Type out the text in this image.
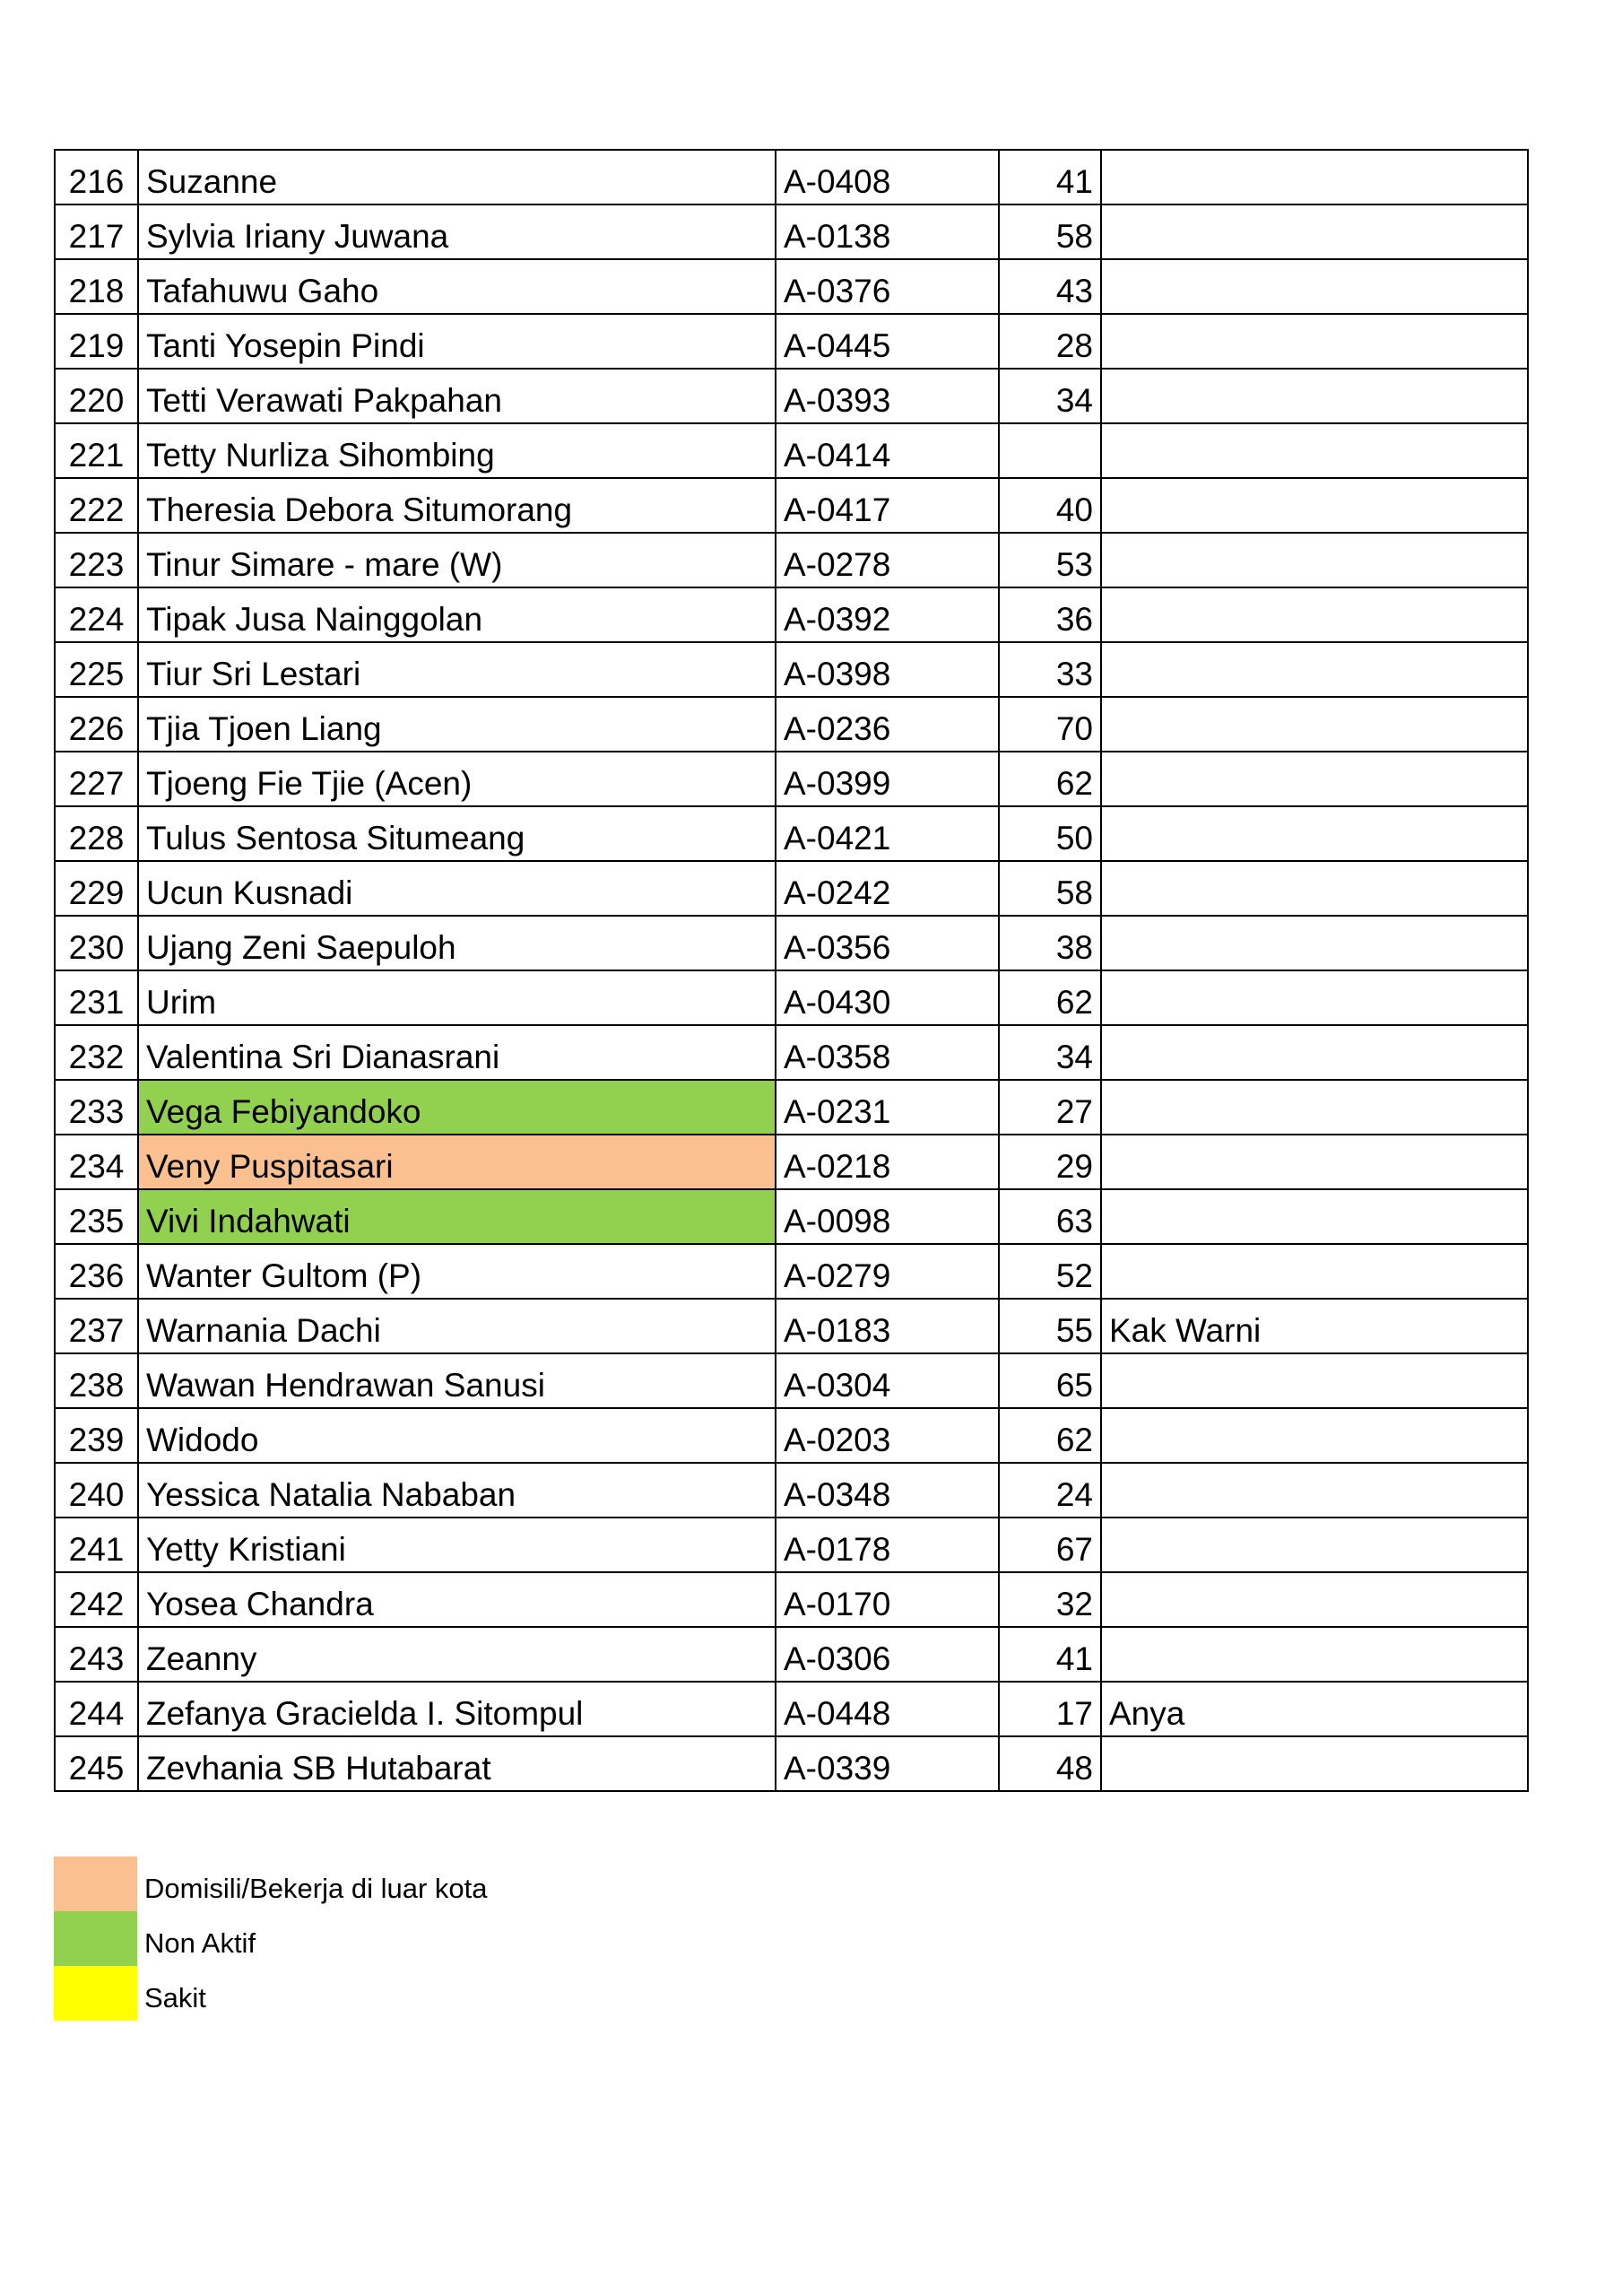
216	Suzanne	A-0408	41	
217	Sylvia Iriany Juwana	A-0138	58	
218	Tafahuwu Gaho	A-0376	43	
219	Tanti Yosepin Pindi	A-0445	28	
220	Tetti Verawati Pakpahan	A-0393	34	
221	Tetty Nurliza Sihombing	A-0414		
222	Theresia Debora Situmorang	A-0417	40	
223	Tinur Simare - mare (W)	A-0278	53	
224	Tipak Jusa Nainggolan	A-0392	36	
225	Tiur Sri Lestari	A-0398	33	
226	Tjia Tjoen Liang	A-0236	70	
227	Tjoeng Fie Tjie (Acen)	A-0399	62	
228	Tulus Sentosa Situmeang	A-0421	50	
229	Ucun Kusnadi	A-0242	58	
230	Ujang Zeni Saepuloh	A-0356	38	
231	Urim	A-0430	62	
232	Valentina Sri Dianasrani	A-0358	34	
233	Vega Febiyandoko	A-0231	27	
234	Veny Puspitasari	A-0218	29	
235	Vivi Indahwati	A-0098	63	
236	Wanter Gultom (P)	A-0279	52	
237	Warnania Dachi	A-0183	55	Kak Warni
238	Wawan Hendrawan Sanusi	A-0304	65	
239	Widodo	A-0203	62	
240	Yessica Natalia Nababan	A-0348	24	
241	Yetty Kristiani	A-0178	67	
242	Yosea Chandra	A-0170	32	
243	Zeanny	A-0306	41	
244	Zefanya Gracielda I. Sitompul	A-0448	17	Anya
245	Zevhania SB Hutabarat	A-0339	48	
Domisili/Bekerja di luar kota
Non Aktif
Sakit
